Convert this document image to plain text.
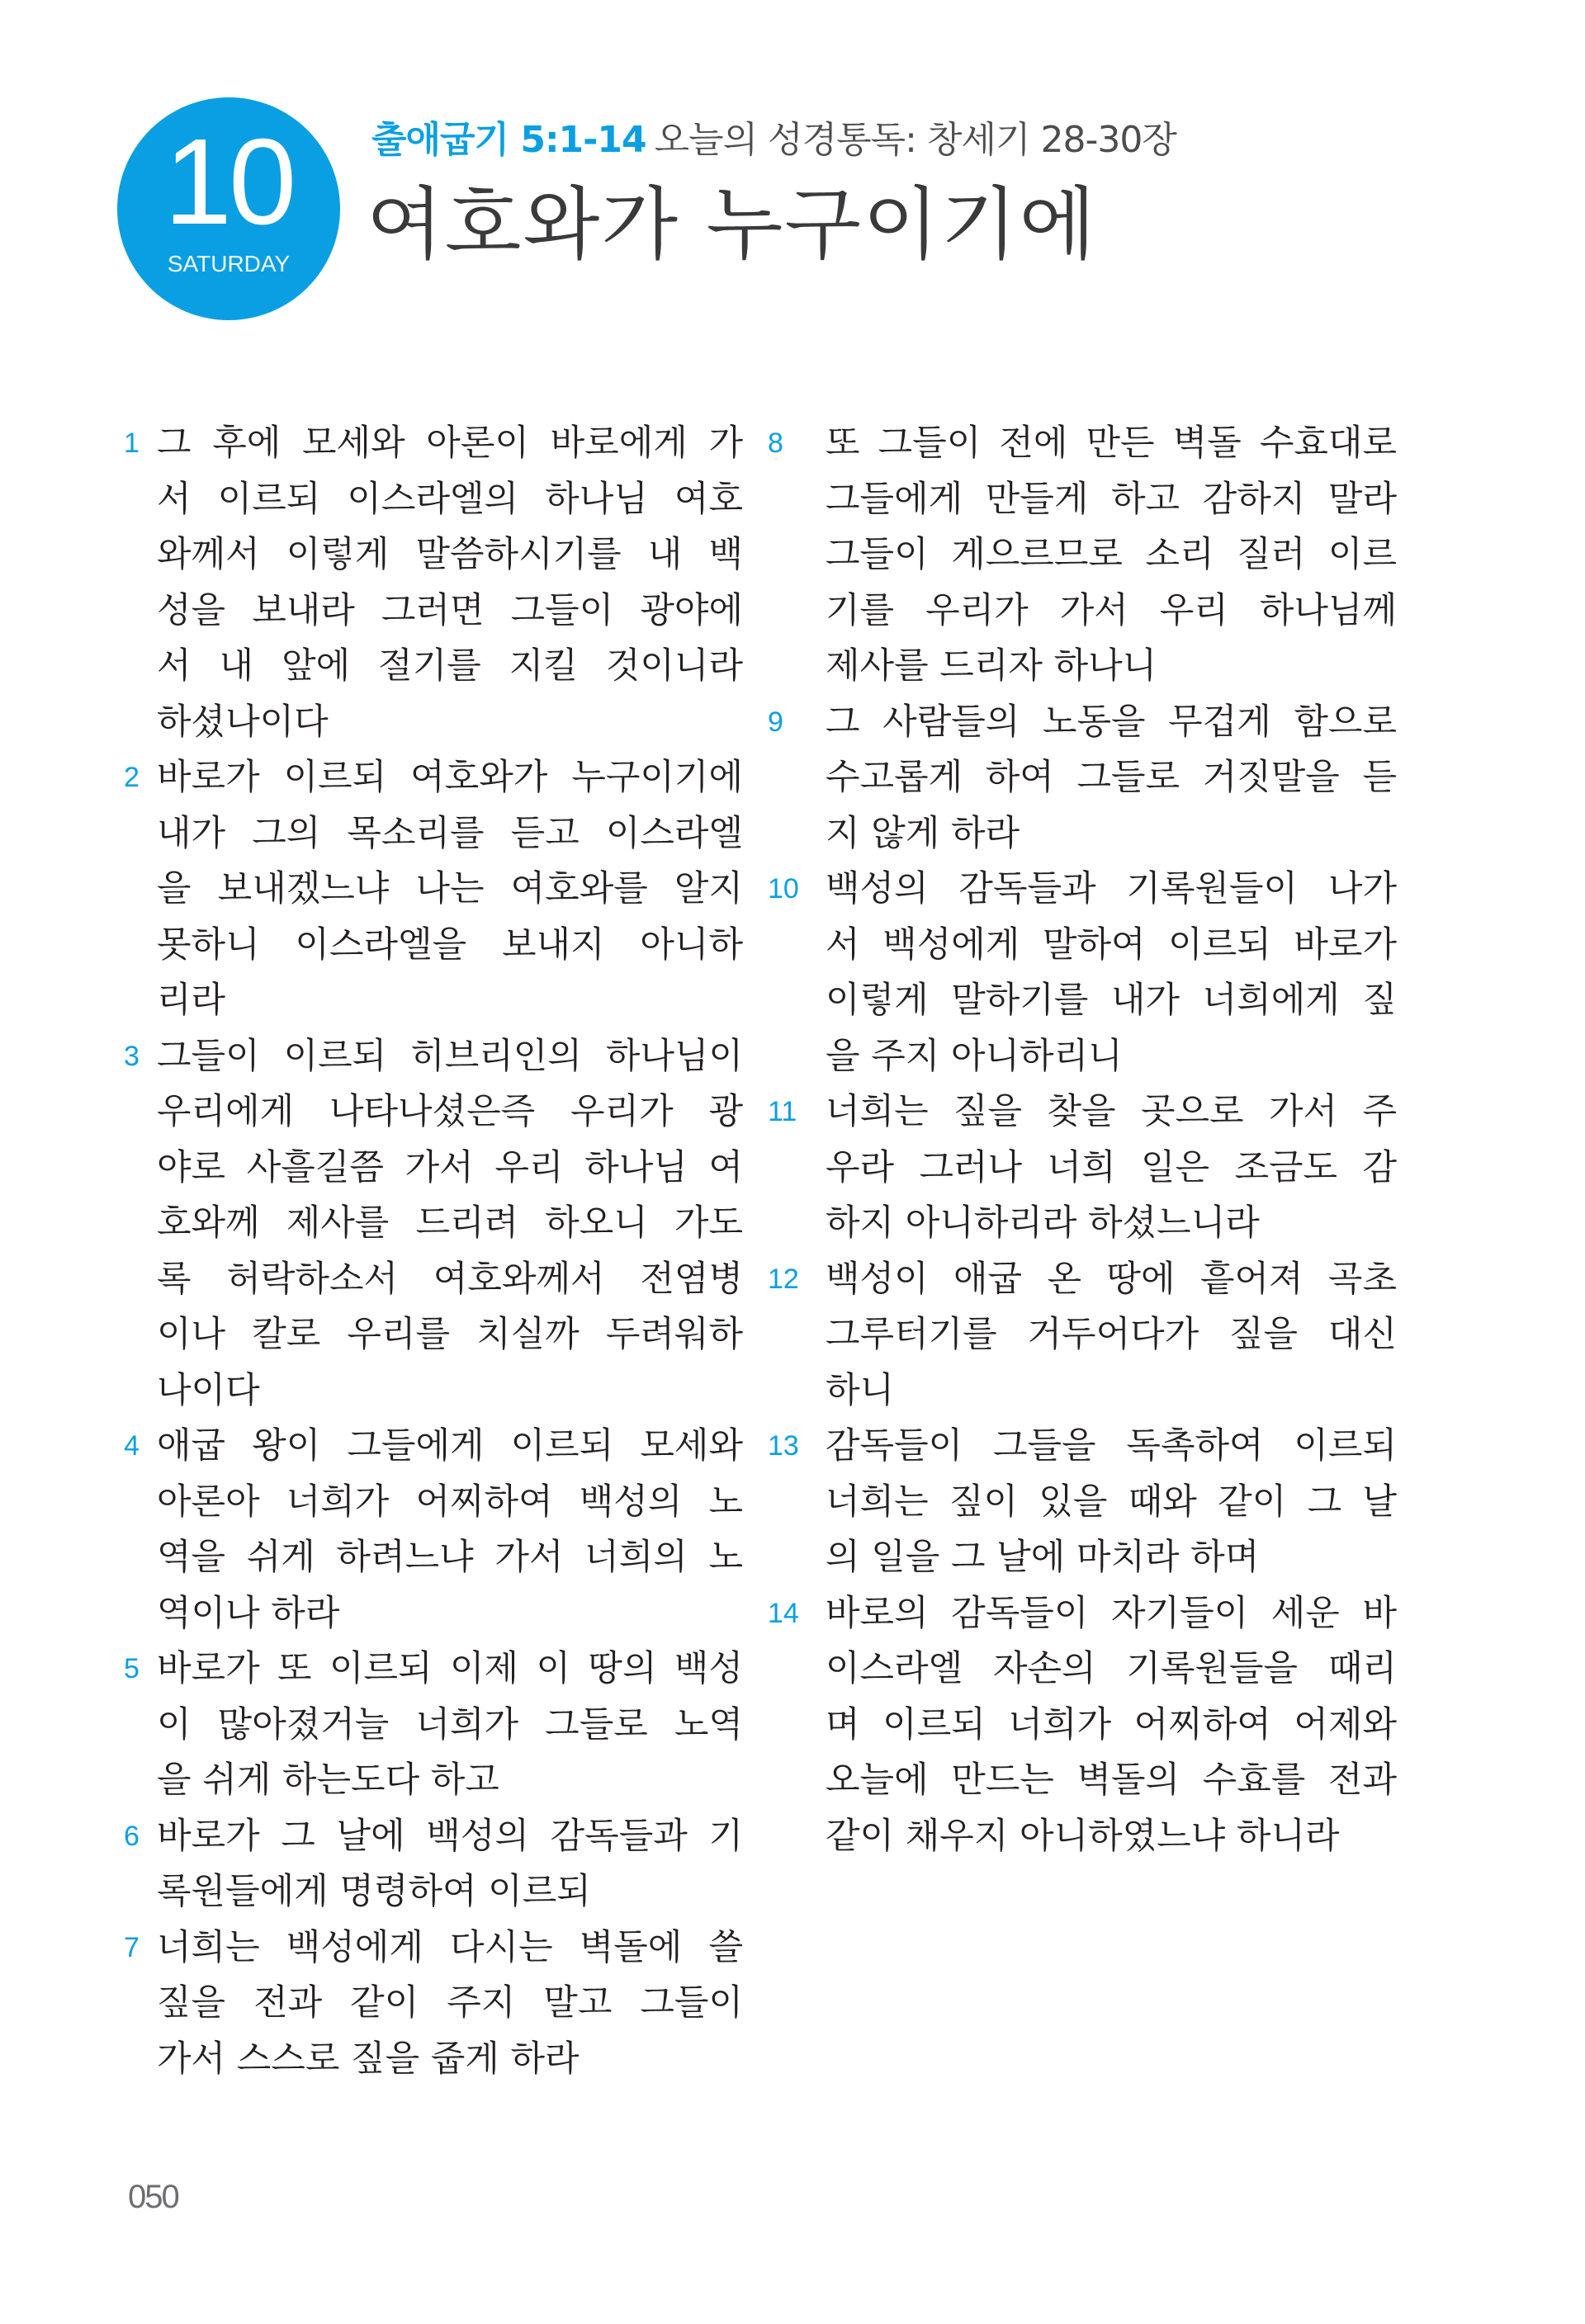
10
SATURDAY
출애굽기 5:1-14 오늘의 성경통독: 창세기 28-30장
여호와가 누구이기에
1 그 후에 모세와 아론이 바로에게 가
서 이르되 이스라엘의 하나님 여호
와께서 이렇게 말씀하시기를 내 백
성을 보내라 그러면 그들이 광야에
서 내 앞에 절기를 지킬 것이니라
하셨나이다
2 바로가 이르되 여호와가 누구이기에
내가 그의 목소리를 듣고 이스라엘
을 보내겠느냐 나는 여호와를 알지
못하니 이스라엘을 보내지 아니하
리라
3 그들이 이르되 히브리인의 하나님이
우리에게 나타나셨은즉 우리가 광
야로 사흘길쯤 가서 우리 하나님 여
호와께 제사를 드리려 하오니 가도
록 허락하소서 여호와께서 전염병
이나 칼로 우리를 치실까 두려워하
나이다
4 애굽 왕이 그들에게 이르되 모세와
아론아 너희가 어찌하여 백성의 노
역을 쉬게 하려느냐 가서 너희의 노
역이나 하라
5 바로가 또 이르되 이제 이 땅의 백성
이 많아졌거늘 너희가 그들로 노역
을 쉬게 하는도다 하고
6 바로가 그 날에 백성의 감독들과 기
록원들에게 명령하여 이르되
7 너희는 백성에게 다시는 벽돌에 쓸
짚을 전과 같이 주지 말고 그들이
가서 스스로 짚을 줍게 하라
8 또 그들이 전에 만든 벽돌 수효대로
그들에게 만들게 하고 감하지 말라
그들이 게으르므로 소리 질러 이르
기를 우리가 가서 우리 하나님께
제사를 드리자 하나니
9 그 사람들의 노동을 무겁게 함으로
수고롭게 하여 그들로 거짓말을 듣
지 않게 하라
10 백성의 감독들과 기록원들이 나가
서 백성에게 말하여 이르되 바로가
이렇게 말하기를 내가 너희에게 짚
을 주지 아니하리니
11 너희는 짚을 찾을 곳으로 가서 주
우라 그러나 너희 일은 조금도 감
하지 아니하리라 하셨느니라
12 백성이 애굽 온 땅에 흩어져 곡초
그루터기를 거두어다가 짚을 대신
하니
13 감독들이 그들을 독촉하여 이르되
너희는 짚이 있을 때와 같이 그 날
의 일을 그 날에 마치라 하며
14 바로의 감독들이 자기들이 세운 바
이스라엘 자손의 기록원들을 때리
며 이르되 너희가 어찌하여 어제와
오늘에 만드는 벽돌의 수효를 전과
같이 채우지 아니하였느냐 하니라
050
